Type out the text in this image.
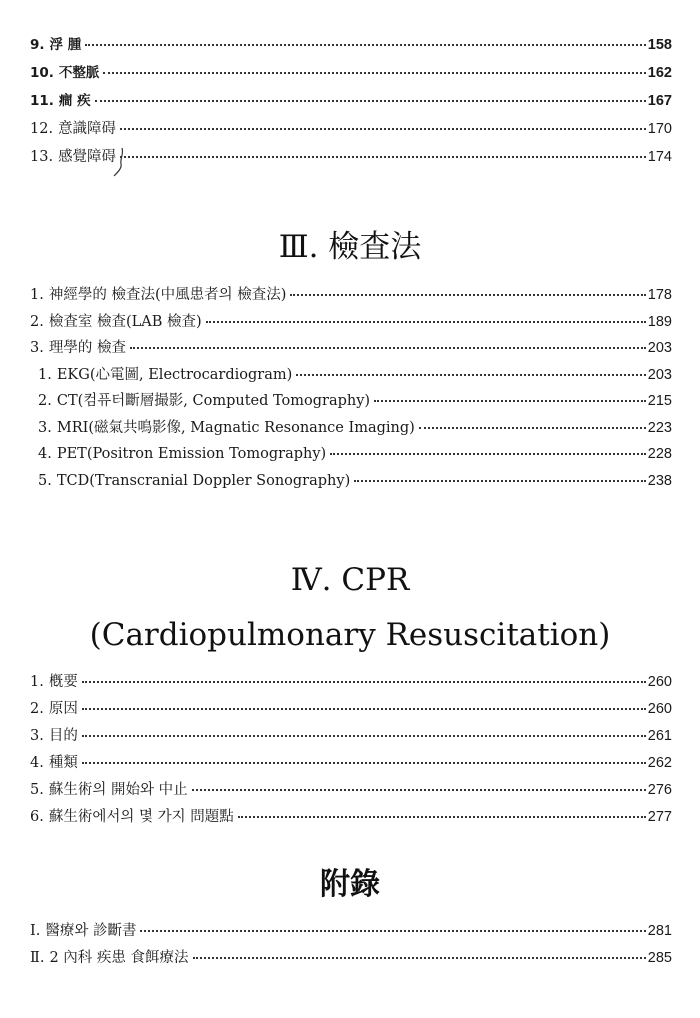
9. 浮 腫	158
10. 不整脈	162
11. 癎 疾	167
12. 意識障碍	170
13. 感覺障碍	174
Ⅲ. 檢査法
1. 神經學的 檢査法(中風患者의 檢査法)	178
2. 檢査室 檢査(LAB 檢査)	189
3. 理學的 檢査	203
1. EKG(心電圖, Electrocardiogram)	203
2. CT(컴퓨터斷層撮影, Computed Tomography)	215
3. MRI(磁氣共鳴影像, Magnatic Resonance Imaging)	223
4. PET(Positron Emission Tomography)	228
5. TCD(Transcranial Doppler Sonography)	238
Ⅳ. CPR
(Cardiopulmonary Resuscitation)
1. 槪要	260
2. 原因	260
3. 目的	261
4. 種類	262
5. 蘇生術의 開始와 中止	276
6. 蘇生術에서의 몇 가지 問題點	277
附錄
Ⅰ. 醫療와 診斷書	281
Ⅱ. 2 內科 疾患 食餌療法	285
